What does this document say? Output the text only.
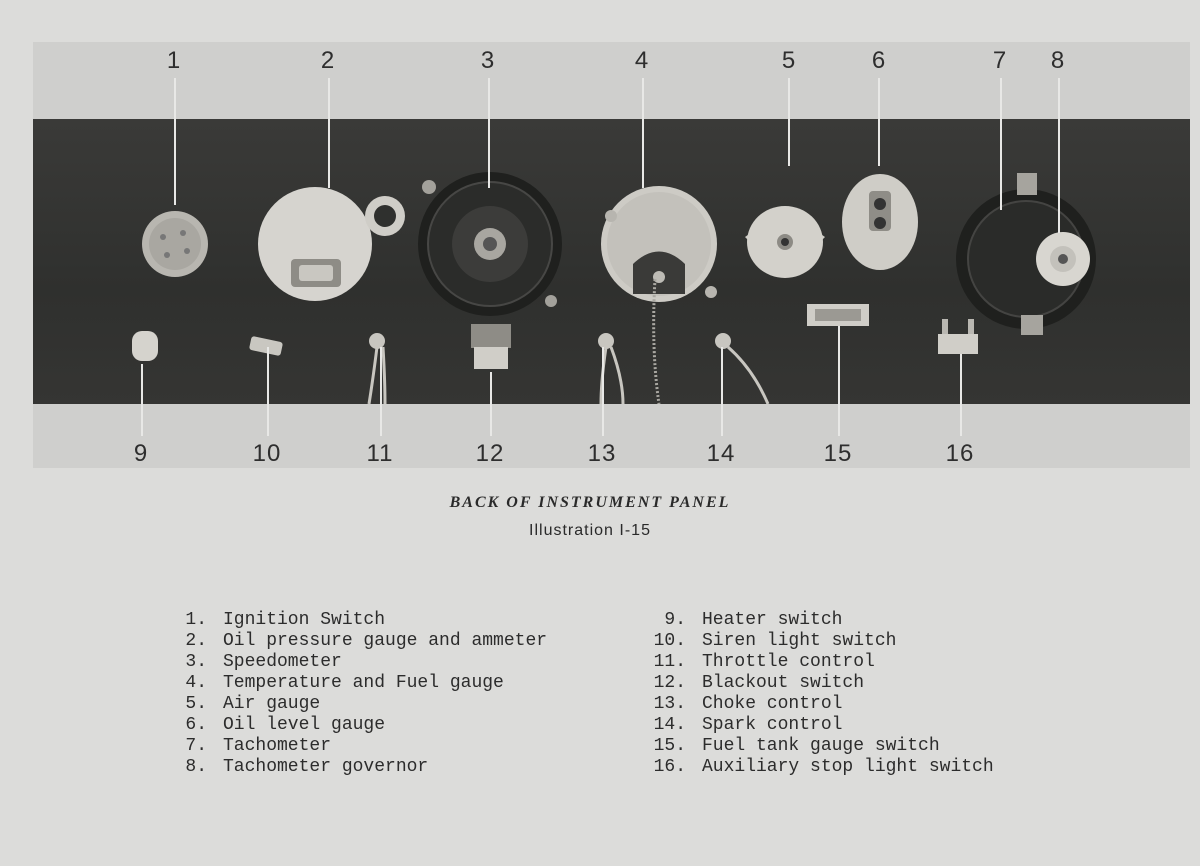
1	2	3	4	5	6	7 8
9	10	11	12	13	14	15	16
BACK OF INSTRUMENT PANEL
Illustration I-15
1. Ignition Switch
2. Oil pressure gauge and ammeter
3. Speedometer
4. Temperature and Fuel gauge
5. Air gauge
6. Oil level gauge
7. Tachometer
8. Tachometer governor
9. Heater switch
10. Siren light switch
11. Throttle control
12. Blackout switch
13. Choke control
14. Spark control
15. Fuel tank gauge switch
16. Auxiliary stop light switch
